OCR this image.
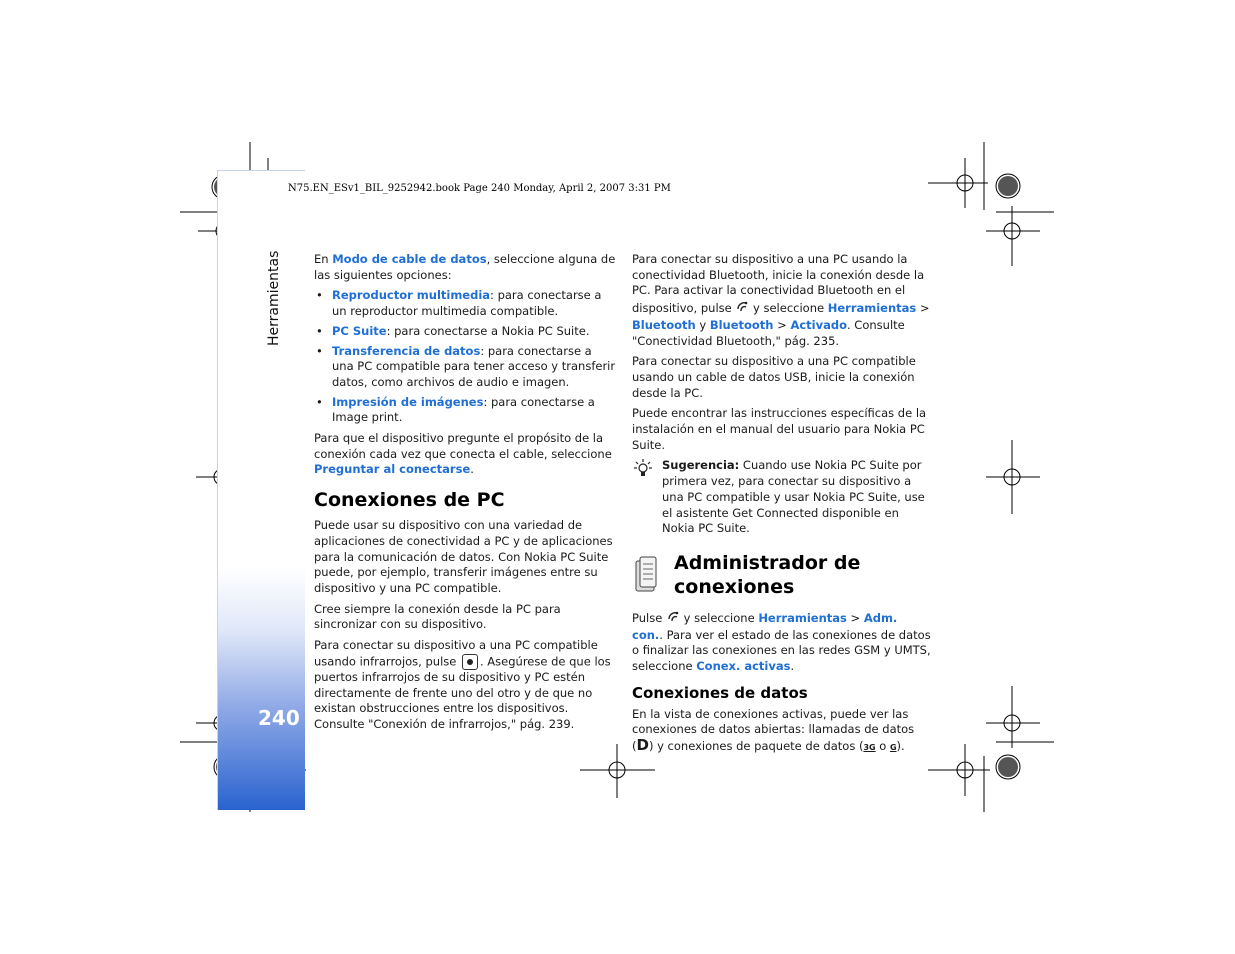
N75.EN_ESv1_BIL_9252942.book Page 240 Monday, April 2, 2007 3:31 PM
Herramientas
240

En Modo de cable de datos, seleccione alguna de las siguientes opciones:

• Reproductor multimedia: para conectarse a un reproductor multimedia compatible.
• PC Suite: para conectarse a Nokia PC Suite.
• Transferencia de datos: para conectarse a una PC compatible para tener acceso y transferir datos, como archivos de audio e imagen.
• Impresión de imágenes: para conectarse a Image print.

Para que el dispositivo pregunte el propósito de la conexión cada vez que conecta el cable, seleccione Preguntar al conectarse.

Conexiones de PC

Puede usar su dispositivo con una variedad de aplicaciones de conectividad a PC y de aplicaciones para la comunicación de datos. Con Nokia PC Suite puede, por ejemplo, transferir imágenes entre su dispositivo y una PC compatible.

Cree siempre la conexión desde la PC para sincronizar con su dispositivo.

Para conectar su dispositivo a una PC compatible usando infrarrojos, pulse . Asegúrese de que los puertos infrarrojos de su dispositivo y PC estén directamente de frente uno del otro y de que no existan obstrucciones entre los dispositivos. Consulte "Conexión de infrarrojos," pág. 239.

Para conectar su dispositivo a una PC usando la conectividad Bluetooth, inicie la conexión desde la PC. Para activar la conectividad Bluetooth en el dispositivo, pulse  y seleccione Herramientas > Bluetooth y Bluetooth > Activado. Consulte "Conectividad Bluetooth," pág. 235.

Para conectar su dispositivo a una PC compatible usando un cable de datos USB, inicie la conexión desde la PC.

Puede encontrar las instrucciones específicas de la instalación en el manual del usuario para Nokia PC Suite.

Sugerencia: Cuando use Nokia PC Suite por primera vez, para conectar su dispositivo a una PC compatible y usar Nokia PC Suite, use el asistente Get Connected disponible en Nokia PC Suite.

Administrador de conexiones

Pulse  y seleccione Herramientas > Adm. con.. Para ver el estado de las conexiones de datos o finalizar las conexiones en las redes GSM y UMTS, seleccione Conex. activas.

Conexiones de datos

En la vista de conexiones activas, puede ver las conexiones de datos abiertas: llamadas de datos (D) y conexiones de paquete de datos (3G o G).
